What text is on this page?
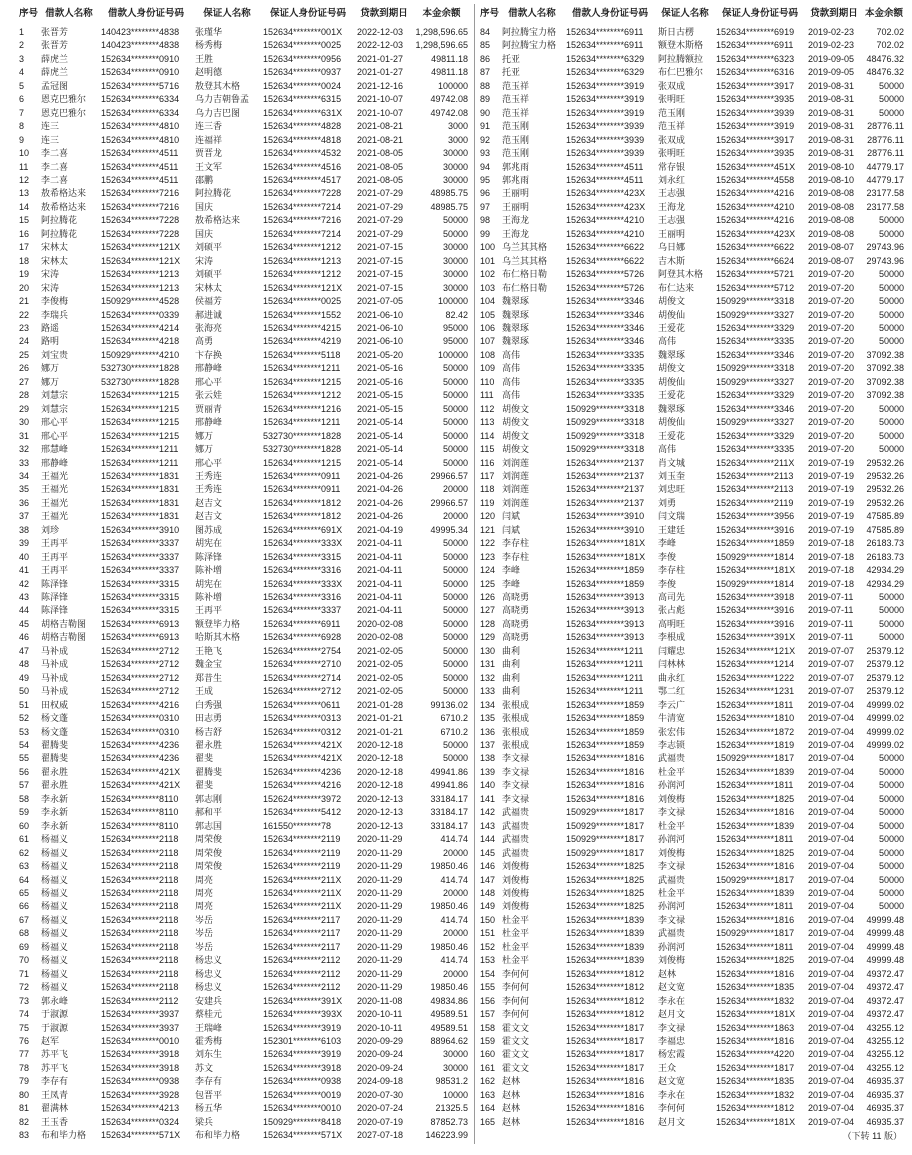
序号 借款人名称	借款人身份证号码	保证人名称	保证人身份证号码	贷款到期日	本金余额
1	张晋芳	140423********4838	张瑾华	152634********001X	2022-12-03	1,298,596.65
2	张晋芳	140423********4838	杨秀梅	152634********0025	2022-12-03	1,298,596.65
3	薛虎兰	152634********0910	王胜	152634********0956	2021-01-27	49811.18
4	薛虎兰	152634********0910	赵明德	152634********0937	2021-01-27	49811.18
5	孟冠图	152634********5716	敖登其木格	152634********0024	2021-12-16	100000
6	恩克巴雅尔	152634********6334	乌力吉朝鲁孟	152634********6315	2021-10-07	49742.08
7	恩克巴雅尔	152634********6334	乌力吉巴图	152634********631X	2021-10-07	49742.08
8	连三	152634********4810	连三香	152634********4828	2021-08-21	3000
9	连三	152634********4810	连福祥	152634********4818	2021-08-21	3000
10	李二喜	152634********4511	贾晋龙	152634********4532	2021-08-05	30000
11	李二喜	152634********4511	王文军	152634********4516	2021-08-05	30000
12	李二喜	152634********4511	邵鹏	152634********4517	2021-08-05	30000
13	敖希格达来	152634********7216	阿拉腾花	152634********7228	2021-07-29	48985.75
14	敖希格达来	152634********7216	国庆	152634********7214	2021-07-29	48985.75
15	阿拉腾花	152634********7228	敖希格达来	152634********7216	2021-07-29	50000
16	阿拉腾花	152634********7228	国庆	152634********7214	2021-07-29	50000
17	宋林太	152634********121X	刘硕平	152634********1212	2021-07-15	30000
18	宋林太	152634********121X	宋涛	152634********1213	2021-07-15	30000
19	宋涛	152634********1213	刘硕平	152634********1212	2021-07-15	30000
20	宋涛	152634********1213	宋林太	152634********121X	2021-07-15	30000
21	李俊梅	150929********4528	侯福芳	152634********0025	2021-07-05	100000
22	李瑞兵	152634********0339	郝进诚	152634********1552	2021-06-10	82.42
23	路遥	152634********4214	张海亮	152634********4215	2021-06-10	95000
24	路明	152634********4218	高勇	152634********4219	2021-06-10	95000
25	刘宝贵	150929********4210	卞存换	152634********5118	2021-05-20	100000
26	娜万	532730********1828	邢静峰	152634********1211	2021-05-16	50000
27	娜万	532730********1828	邢心平	152634********1215	2021-05-16	50000
28	刘慧宗	152634********1215	张云娃	152634********1212	2021-05-15	50000
29	刘慧宗	152634********1215	贾丽青	152634********1216	2021-05-15	50000
30	邢心平	152634********1215	邢静峰	152634********1211	2021-05-14	50000
31	邢心平	152634********1215	娜万	532730********1828	2021-05-14	50000
32	邢慧峰	152634********1211	娜万	532730********1828	2021-05-14	50000
33	邢静峰	152634********1211	邢心平	152634********1215	2021-05-14	50000
34	王福光	152634********1831	王秀连	152634********0911	2021-04-26	29966.57
35	王福光	152634********1831	王秀连	152634********0911	2021-04-26	20000
36	王福光	152634********1831	赵吉文	152634********1812	2021-04-26	29966.57
37	王福光	152634********1831	赵吉文	152634********1812	2021-04-26	20000
38	刘珍	152634********3910	图苏成	152634********691X	2021-04-19	49995.34
39	王再平	152634********3337	胡宪在	152634********333X	2021-04-11	50000
40	王再平	152634********3337	陈泽锋	152634********3315	2021-04-11	50000
41	王再平	152634********3337	陈补增	152634********3316	2021-04-11	50000
42	陈泽锋	152634********3315	胡宪在	152634********333X	2021-04-11	50000
43	陈泽锋	152634********3315	陈补增	152634********3316	2021-04-11	50000
44	陈泽锋	152634********3315	王再平	152634********3337	2021-04-11	50000
45	胡格吉勒图	152634********6913	额登毕力格	152634********6911	2020-02-08	50000
46	胡格吉勒图	152634********6913	哈斯其木格	152634********6928	2020-02-08	50000
47	马补成	152634********2712	王艳飞	152634********2754	2021-02-05	50000
48	马补成	152634********2712	魏金宝	152634********2710	2021-02-05	50000
49	马补成	152634********2712	郑昔生	152634********2714	2021-02-05	50000
50	马补成	152634********2712	王成	152634********2712	2021-02-05	50000
51	田权威	152634********4216	白秀强	152634********0611	2021-01-28	99136.02
52	杨文蓬	152634********0310	田志勇	152634********0313	2021-01-21	6710.2
53	杨文蓬	152634********0310	杨吉舒	152634********0312	2021-01-21	6710.2
54	翟腾斐	152634********4236	翟永胜	152634********421X	2020-12-18	50000
55	翟腾斐	152634********4236	翟斐	152634********421X	2020-12-18	50000
56	翟永胜	152634********421X	翟腾斐	152634********4236	2020-12-18	49941.86
57	翟永胜	152634********421X	翟斐	152634********4216	2020-12-18	49941.86
58	李永新	152634********8110	郭志刚	152624********3972	2020-12-13	33184.17
59	李永新	152634********8110	郝和平	152634********5412	2020-12-13	33184.17
60	李永新	152634********8110	郭志国	161550********78	2020-12-13	33184.17
61	杨福义	152634********2118	周荣俊	152634********2119	2020-11-29	414.74
62	杨福义	152634********2118	周荣俊	152634********2119	2020-11-29	20000
63	杨福义	152634********2118	周荣俊	152634********2119	2020-11-29	19850.46
64	杨福义	152634********2118	周亮	152634********211X	2020-11-29	414.74
65	杨福义	152634********2118	周亮	152634********211X	2020-11-29	20000
66	杨福义	152634********2118	周亮	152634********211X	2020-11-29	19850.46
67	杨福义	152634********2118	岑岳	152634********2117	2020-11-29	414.74
68	杨福义	152634********2118	岑岳	152634********2117	2020-11-29	20000
69	杨福义	152634********2118	岑岳	152634********2117	2020-11-29	19850.46
70	杨福义	152634********2118	杨忠义	152634********2112	2020-11-29	414.74
71	杨福义	152634********2118	杨忠义	152634********2112	2020-11-29	20000
72	杨福义	152634********2118	杨忠义	152634********2112	2020-11-29	19850.46
73	郭永峰	152634********2112	安建兵	152634********391X	2020-11-08	49834.86
74	于淑源	152634********3937	蔡桂元	152634********393X	2020-10-11	49589.51
75	于淑源	152634********3937	王瑞峰	152634********3919	2020-10-11	49589.51
76	赵军	152634********0010	霍秀梅	152301********6103	2020-09-29	88964.62
77	苏平飞	152634********3918	刘东生	152634********3919	2020-09-24	30000
78	苏平飞	152634********3918	苏文	152634********3918	2020-09-24	30000
79	李存有	152634********0938	李存有	152634********0938	2024-09-18	98531.2
80	王凤青	152634********3928	包晋平	152634********0019	2020-07-30	10000
81	翟满林	152634********4213	杨五华	152634********0010	2020-07-24	21325.5
82	王玉香	152634********0324	梁兵	150929********8418	2020-07-19	87852.73
83	布和毕力格	152634********571X	布和毕力格	152634********571X	2027-07-18	146223.99
序号 借款人名称	借款人身份证号码	保证人名称	保证人身份证号码	贷款到期日 本金余额
84	阿拉腾宝力格	152634********6911	斯日古楞	152634********6919	2019-02-23	702.02
85	阿拉腾宝力格	152634********6911	额登木斯格	152634********6911	2019-02-23	702.02
86	托亚	152634********6329	阿拉腾额拉	152634********6323	2019-09-05	48476.32
87	托亚	152634********6329	布仁巴雅尔	152634********6316	2019-09-05	48476.32
88	范玉祥	152634********3919	张双成	152634********3917	2019-08-31	50000
89	范玉祥	152634********3919	张明旺	152634********3935	2019-08-31	50000
90	范玉祥	152634********3919	范玉刚	152634********3939	2019-08-31	50000
91	范玉刚	152634********3939	范玉祥	152634********3919	2019-08-31	28776.11
92	范玉刚	152634********3939	张双成	152634********3917	2019-08-31	28776.11
93	范玉刚	152634********3939	张明旺	152634********3935	2019-08-31	28776.11
94	郭兆雨	152634********4511	常存银	152634********451X	2019-08-10	44779.17
95	郭兆雨	152634********4511	刘永红	152634********4558	2019-08-10	44779.17
96	王丽明	152634********423X	王志强	152634********4216	2019-08-08	23177.58
97	王丽明	152634********423X	王海龙	152634********4210	2019-08-08	23177.58
98	王海龙	152634********4210	王志强	152634********4216	2019-08-08	50000
99	王海龙	152634********4210	王丽明	152634********423X	2019-08-08	50000
100 乌兰其其格	152634********6622	乌日娜	152634********6622	2019-08-07	29743.96
101 乌兰其其格	152634********6622	吉木斯	152634********6624	2019-08-07	29743.96
102 布仁格日勒	152634********5726	阿登其木格	152634********5721	2019-07-20	50000
103 布仁格日勒	152634********5726	布仁达来	152634********5712	2019-07-20	50000
104 魏翠琢	152634********3346	胡俊文	150929********3318	2019-07-20	50000
105 魏翠琢	152634********3346	胡俊仙	150929********3327	2019-07-20	50000
106 魏翠琢	152634********3346	王爱花	152634********3329	2019-07-20	50000
107 魏翠琢	152634********3346	高伟	152634********3335	2019-07-20	50000
108 高伟	152634********3335	魏翠琢	152634********3346	2019-07-20	37092.38
109 高伟	152634********3335	胡俊文	150929********3318	2019-07-20	37092.38
110 高伟	152634********3335	胡俊仙	150929********3327	2019-07-20	37092.38
111 高伟	152634********3335	王爱花	152634********3329	2019-07-20	37092.38
112 胡俊文	150929********3318	魏翠琢	152634********3346	2019-07-20	50000
113 胡俊文	150929********3318	胡俊仙	150929********3327	2019-07-20	50000
114 胡俊文	150929********3318	王爱花	152634********3329	2019-07-20	50000
115 胡俊文	150929********3318	高伟	152634********3335	2019-07-20	50000
116 刘润莲	152634********2137	肖文城	152634********211X	2019-07-19	29532.26
117 刘润莲	152634********2137	刘玉奎	152634********2113	2019-07-19	29532.26
118 刘润莲	152634********2137	刘忠旺	152634********2113	2019-07-19	29532.26
119 刘润莲	152634********2137	刘勇	152634********2119	2019-07-19	29532.26
120 闫斌	152634********3910	闫文瑞	152634********3956	2019-07-19	47585.89
121 闫斌	152634********3910	王建廷	152634********3916	2019-07-19	47585.89
122 李存柱	152634********181X	李峰	152634********1859	2019-07-18	26183.73
123 李存柱	152634********181X	李俊	150929********1814	2019-07-18	26183.73
124 李峰	152634********1859	李存柱	152634********181X	2019-07-18	42934.29
125 李峰	152634********1859	李俊	150929********1814	2019-07-18	42934.29
126 高晓勇	152634********3913	高司先	152634********3918	2019-07-11	50000
127 高晓勇	152634********3913	张占彪	152634********3916	2019-07-11	50000
128 高晓勇	152634********3913	高明旺	152634********3916	2019-07-11	50000
129 高晓勇	152634********3913	李根成	152634********391X	2019-07-11	50000
130 曲利	152634********1211	闫耀忠	152634********121X	2019-07-07	25379.12
131 曲利	152634********1211	闫林林	152634********1214	2019-07-07	25379.12
132 曲利	152634********1211	曲永红	152634********1222	2019-07-07	25379.12
133 曲利	152634********1211	鄂二红	152634********1231	2019-07-07	25379.12
134 张根成	152634********1859	李云广	152634********1811	2019-07-04	49999.02
135 张根成	152634********1859	牛清宽	152634********1810	2019-07-04	49999.02
136 张根成	152634********1859	张宏伟	152634********1872	2019-07-04	49999.02
137 张根成	152634********1859	李志锁	152634********1819	2019-07-04	49999.02
138 李文禄	152634********1816	武福贵	150929********1817	2019-07-04	50000
139 李文禄	152634********1816	杜金平	152634********1839	2019-07-04	50000
140 李文禄	152634********1816	孙润河	152634********1811	2019-07-04	50000
141 李文禄	152634********1816	刘俊梅	152634********1825	2019-07-04	50000
142 武福贵	150929********1817	李文禄	152634********1816	2019-07-04	50000
143 武福贵	150929********1817	杜金平	152634********1839	2019-07-04	50000
144 武福贵	150929********1817	孙润河	152634********1811	2019-07-04	50000
145 武福贵	150929********1817	刘俊梅	152634********1825	2019-07-04	50000
146 刘俊梅	152634********1825	李文禄	152634********1816	2019-07-04	50000
147 刘俊梅	152634********1825	武福贵	150929********1817	2019-07-04	50000
148 刘俊梅	152634********1825	杜金平	152634********1839	2019-07-04	50000
149 刘俊梅	152634********1825	孙润河	152634********1811	2019-07-04	50000
150 杜金平	152634********1839	李文禄	152634********1816	2019-07-04	49999.48
151 杜金平	152634********1839	武福贵	150929********1817	2019-07-04	49999.48
152 杜金平	152634********1839	孙润河	152634********1811	2019-07-04	49999.48
153 杜金平	152634********1839	刘俊梅	152634********1825	2019-07-04	49999.48
154 李何何	152634********1812	赵林	152634********1816	2019-07-04	49372.47
155 李何何	152634********1812	赵文宽	152634********1835	2019-07-04	49372.47
156 李何何	152634********1812	李永在	152634********1832	2019-07-04	49372.47
157 李何何	152634********1812	赵月文	152634********181X	2019-07-04	49372.47
158 霍文文	152634********1817	李文禄	152634********1863	2019-07-04	43255.12
159 霍文文	152634********1817	李福忠	152634********1816	2019-07-04	43255.12
160 霍文文	152634********1817	杨宏霞	152634********4220	2019-07-04	43255.12
161 霍文文	152634********1817	王众	152634********1817	2019-07-04	43255.12
162 赵林	152634********1816	赵文宽	152634********1835	2019-07-04	46935.37
163 赵林	152634********1816	李永在	152634********1832	2019-07-04	46935.37
164 赵林	152634********1816	李何何	152634********1812	2019-07-04	46935.37
165 赵林	152634********1816	赵月文	152634********181X	2019-07-04	46935.37
（下转 11 版）
